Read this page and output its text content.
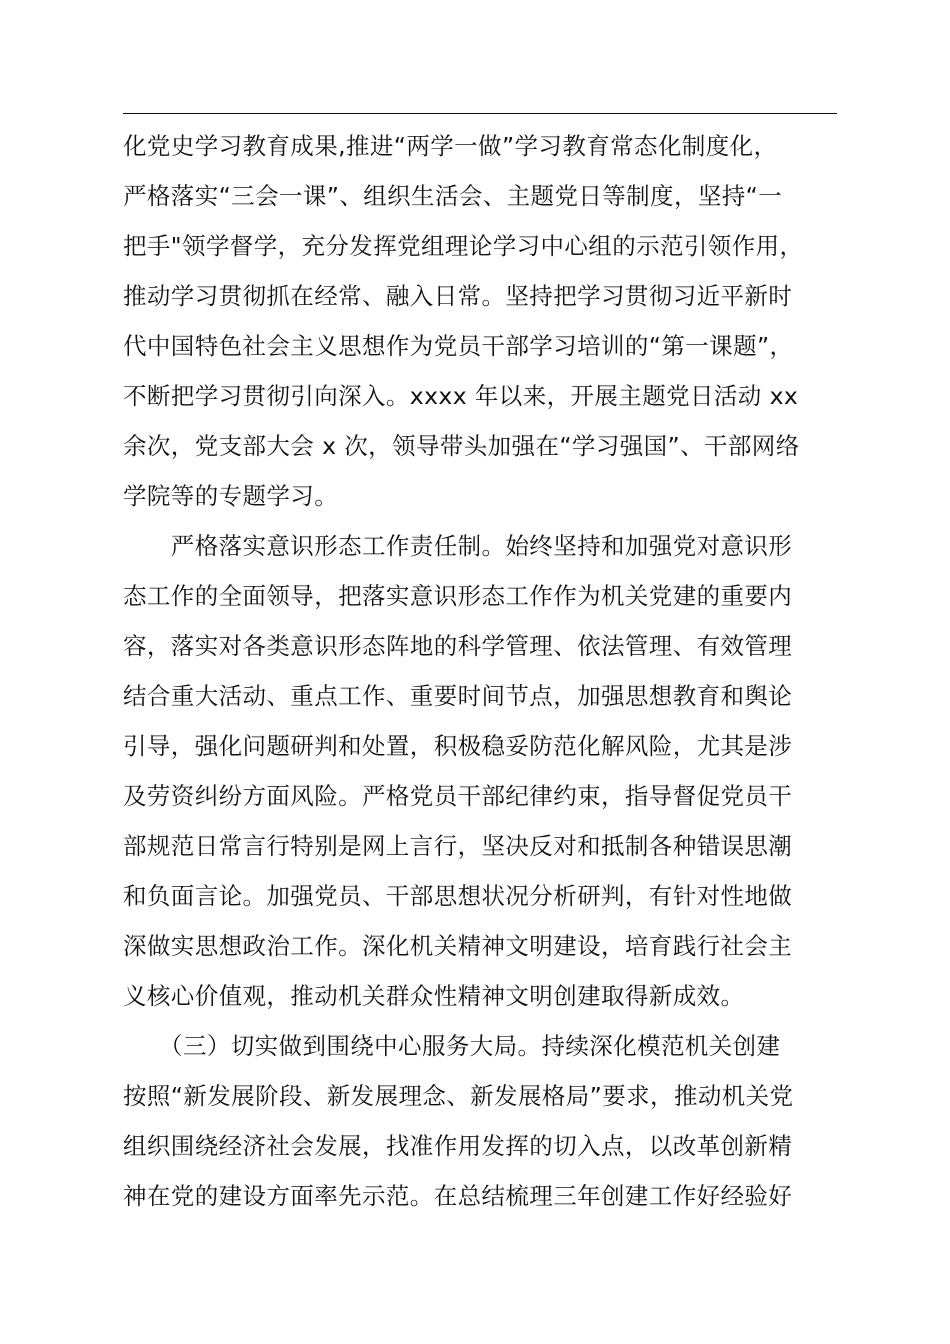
化党史学习教育成果,推进“两学一做”学习教育常态化制度化，
严格落实“三会一课”、组织生活会、主题党日等制度，坚持“一
把手"领学督学，充分发挥党组理论学习中心组的示范引领作用，
推动学习贯彻抓在经常、融入日常。坚持把学习贯彻习近平新时
代中国特色社会主义思想作为党员干部学习培训的“第一课题”，
不断把学习贯彻引向深入。xxxx 年以来，开展主题党日活动 xx
余次，党支部大会 x 次，领导带头加强在“学习强国”、干部网络
学院等的专题学习。
　　严格落实意识形态工作责任制。始终坚持和加强党对意识形
态工作的全面领导，把落实意识形态工作作为机关党建的重要内
容，落实对各类意识形态阵地的科学管理、依法管理、有效管理
结合重大活动、重点工作、重要时间节点，加强思想教育和舆论
引导，强化问题研判和处置，积极稳妥防范化解风险，尤其是涉
及劳资纠纷方面风险。严格党员干部纪律约束，指导督促党员干
部规范日常言行特别是网上言行，坚决反对和抵制各种错误思潮
和负面言论。加强党员、干部思想状况分析研判，有针对性地做
深做实思想政治工作。深化机关精神文明建设，培育践行社会主
义核心价值观，推动机关群众性精神文明创建取得新成效。
　　（三）切实做到围绕中心服务大局。持续深化模范机关创建
按照“新发展阶段、新发展理念、新发展格局”要求，推动机关党
组织围绕经济社会发展，找准作用发挥的切入点，以改革创新精
神在党的建设方面率先示范。在总结梳理三年创建工作好经验好
